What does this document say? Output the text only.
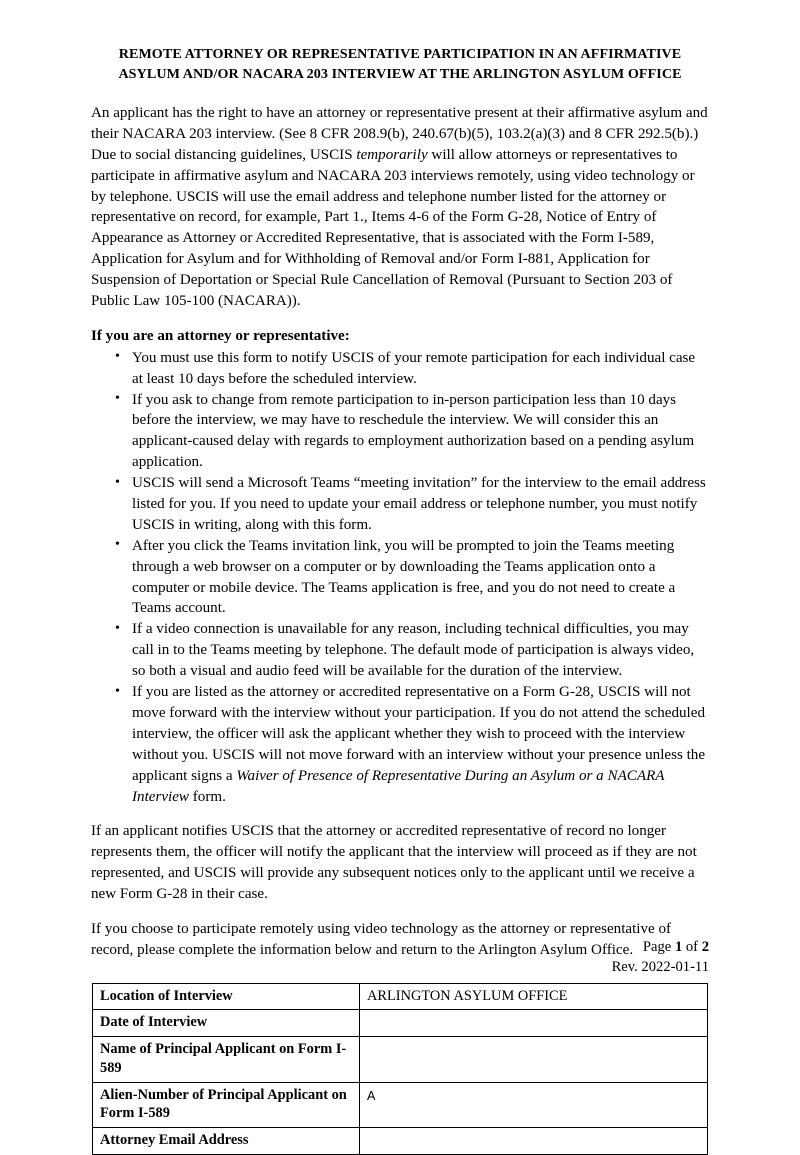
REMOTE ATTORNEY OR REPRESENTATIVE PARTICIPATION IN AN AFFIRMATIVE ASYLUM AND/OR NACARA 203 INTERVIEW AT THE ARLINGTON ASYLUM OFFICE

An applicant has the right to have an attorney or representative present at their affirmative asylum and their NACARA 203 interview. (See 8 CFR 208.9(b), 240.67(b)(5), 103.2(a)(3) and 8 CFR 292.5(b).) Due to social distancing guidelines, USCIS temporarily will allow attorneys or representatives to participate in affirmative asylum and NACARA 203 interviews remotely, using video technology or by telephone. USCIS will use the email address and telephone number listed for the attorney or representative on record, for example, Part 1., Items 4-6 of the Form G-28, Notice of Entry of Appearance as Attorney or Accredited Representative, that is associated with the Form I-589, Application for Asylum and for Withholding of Removal and/or Form I-881, Application for Suspension of Deportation or Special Rule Cancellation of Removal (Pursuant to Section 203 of Public Law 105-100 (NACARA)).

If you are an attorney or representative:

• You must use this form to notify USCIS of your remote participation for each individual case at least 10 days before the scheduled interview.
• If you ask to change from remote participation to in-person participation less than 10 days before the interview, we may have to reschedule the interview. We will consider this an applicant-caused delay with regards to employment authorization based on a pending asylum application.
• USCIS will send a Microsoft Teams “meeting invitation” for the interview to the email address listed for you. If you need to update your email address or telephone number, you must notify USCIS in writing, along with this form.
• After you click the Teams invitation link, you will be prompted to join the Teams meeting through a web browser on a computer or by downloading the Teams application onto a computer or mobile device. The Teams application is free, and you do not need to create a Teams account.
• If a video connection is unavailable for any reason, including technical difficulties, you may call in to the Teams meeting by telephone. The default mode of participation is always video, so both a visual and audio feed will be available for the duration of the interview.
• If you are listed as the attorney or accredited representative on a Form G-28, USCIS will not move forward with the interview without your participation. If you do not attend the scheduled interview, the officer will ask the applicant whether they wish to proceed with the interview without you. USCIS will not move forward with an interview without your presence unless the applicant signs a Waiver of Presence of Representative During an Asylum or a NACARA Interview form.

If an applicant notifies USCIS that the attorney or accredited representative of record no longer represents them, the officer will notify the applicant that the interview will proceed as if they are not represented, and USCIS will provide any subsequent notices only to the applicant until we receive a new Form G-28 in their case.

If you choose to participate remotely using video technology as the attorney or representative of record, please complete the information below and return to the Arlington Asylum Office.

Location of Interview	ARLINGTON ASYLUM OFFICE
Date of Interview	
Name of Principal Applicant on Form I-589	
Alien-Number of Principal Applicant on Form I-589	A
Attorney Email Address	
Page 1 of 2
Rev. 2022-01-11
